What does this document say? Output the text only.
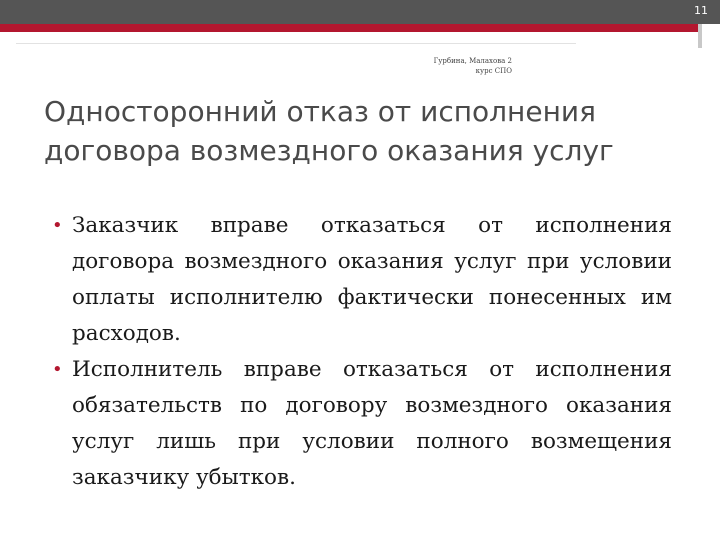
11
Гурбина, Малахова 2 курс СПО
Односторонний отказ от исполнения договора возмездного оказания услуг
• Заказчик вправе отказаться от исполнения договора возмездного оказания услуг при условии оплаты исполнителю фактически понесенных им расходов.
• Исполнитель вправе отказаться от исполнения обязательств по договору возмездного оказания услуг лишь при условии полного возмещения заказчику убытков.
